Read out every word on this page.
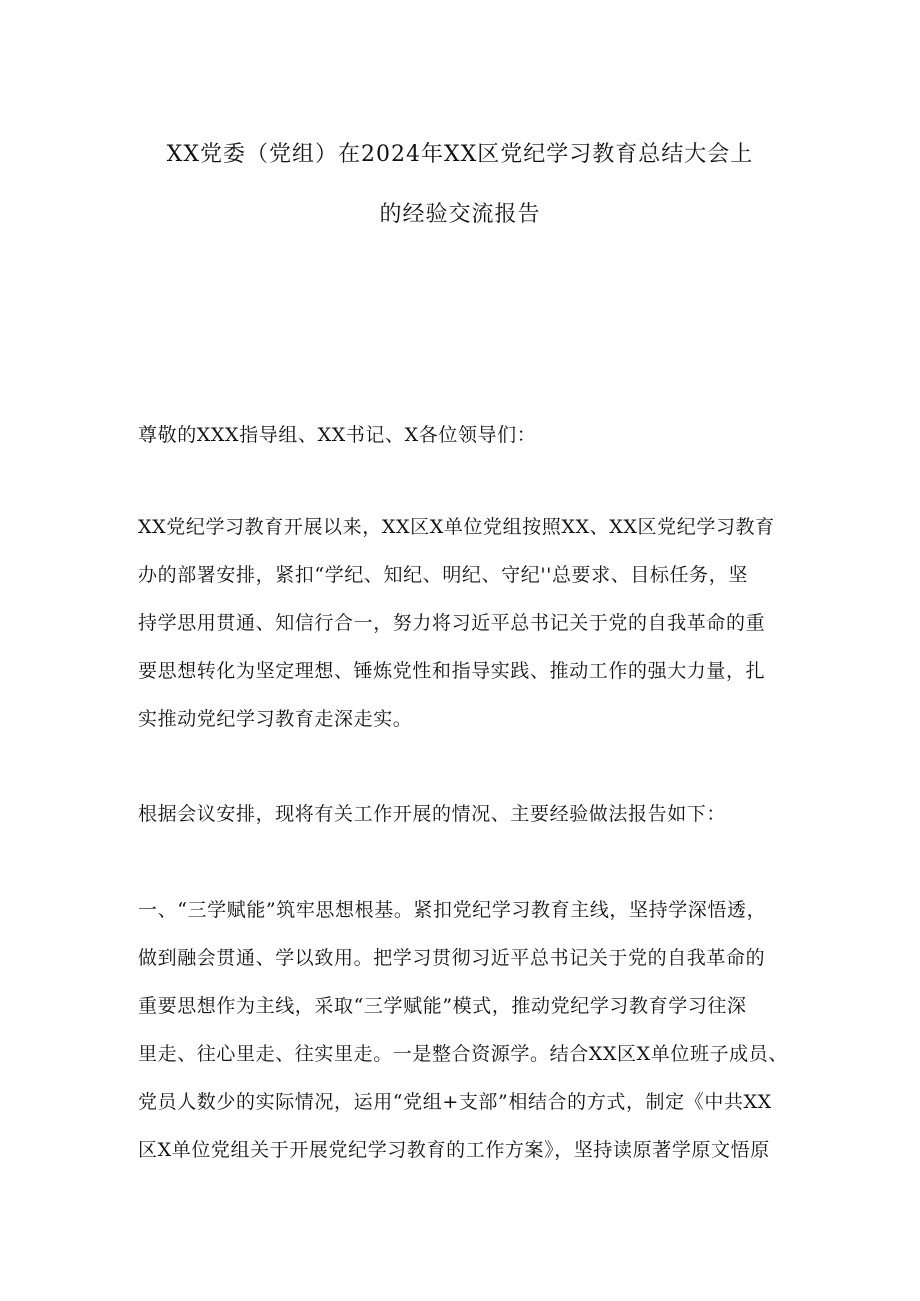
XX党委（党组）在2024年XX区党纪学习教育总结大会上
的经验交流报告
尊敬的XXX指导组、XX书记、X各位领导们：
XX党纪学习教育开展以来，XX区X单位党组按照XX、XX区党纪学习教育
办的部署安排，紧扣“学纪、知纪、明纪、守纪''总要求、目标任务，坚
持学思用贯通、知信行合一，努力将习近平总书记关于党的自我革命的重
要思想转化为坚定理想、锤炼党性和指导实践、推动工作的强大力量，扎
实推动党纪学习教育走深走实。
根据会议安排，现将有关工作开展的情况、主要经验做法报告如下：
一、“三学赋能”筑牢思想根基。紧扣党纪学习教育主线，坚持学深悟透，
做到融会贯通、学以致用。把学习贯彻习近平总书记关于党的自我革命的
重要思想作为主线，采取“三学赋能”模式，推动党纪学习教育学习往深
里走、往心里走、往实里走。一是整合资源学。结合XX区X单位班子成员、
党员人数少的实际情况，运用“党组+支部”相结合的方式，制定《中共XX
区X单位党组关于开展党纪学习教育的工作方案》，坚持读原著学原文悟原
